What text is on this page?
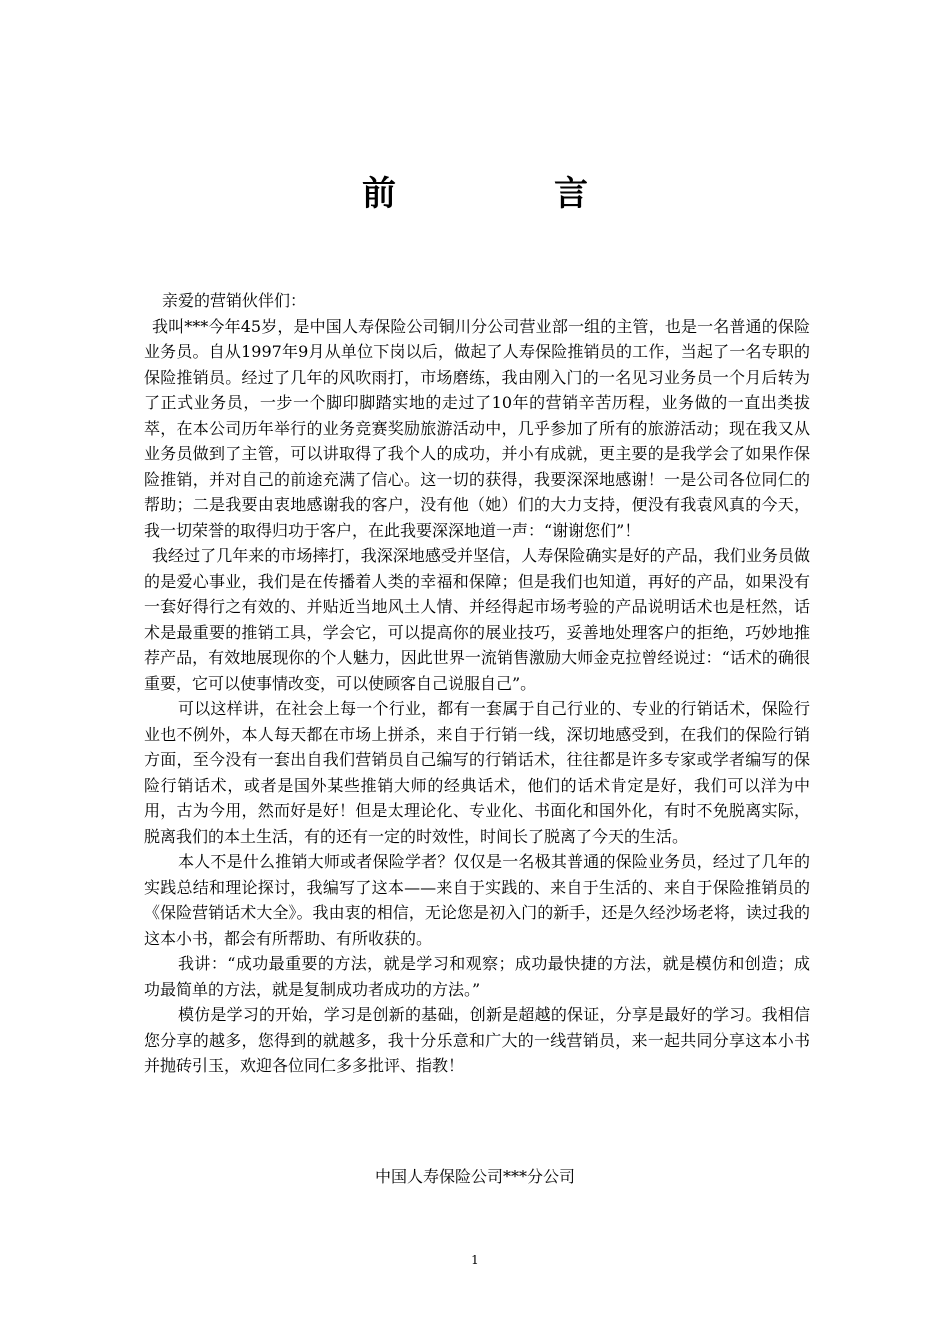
前　言

亲爱的营销伙伴们：

我叫***今年45岁，是中国人寿保险公司铜川分公司营业部一组的主管，也是一名普通的保险业务员。自从1997年9月从单位下岗以后，做起了人寿保险推销员的工作，当起了一名专职的保险推销员。经过了几年的风吹雨打，市场磨练，我由刚入门的一名见习业务员一个月后转为了正式业务员，一步一个脚印脚踏实地的走过了10年的营销辛苦历程，业务做的一直出类拔萃，在本公司历年举行的业务竞赛奖励旅游活动中，几乎参加了所有的旅游活动；现在我又从业务员做到了主管，可以讲取得了我个人的成功，并小有成就，更主要的是我学会了如果作保险推销，并对自己的前途充满了信心。这一切的获得，我要深深地感谢！一是公司各位同仁的帮助；二是我要由衷地感谢我的客户，没有他（她）们的大力支持，便没有我袁风真的今天，我一切荣誉的取得归功于客户，在此我要深深地道一声：“谢谢您们”！

我经过了几年来的市场摔打，我深深地感受并坚信，人寿保险确实是好的产品，我们业务员做的是爱心事业，我们是在传播着人类的幸福和保障；但是我们也知道，再好的产品，如果没有一套好得行之有效的、并贴近当地风土人情、并经得起市场考验的产品说明话术也是枉然，话术是最重要的推销工具，学会它，可以提高你的展业技巧，妥善地处理客户的拒绝，巧妙地推荐产品，有效地展现你的个人魅力，因此世界一流销售激励大师金克拉曾经说过：“话术的确很重要，它可以使事情改变，可以使顾客自己说服自己”。

可以这样讲，在社会上每一个行业，都有一套属于自己行业的、专业的行销话术，保险行业也不例外，本人每天都在市场上拼杀，来自于行销一线，深切地感受到，在我们的保险行销方面，至今没有一套出自我们营销员自己编写的行销话术，往往都是许多专家或学者编写的保险行销话术，或者是国外某些推销大师的经典话术，他们的话术肯定是好，我们可以洋为中用，古为今用，然而好是好！但是太理论化、专业化、书面化和国外化，有时不免脱离实际，脱离我们的本土生活，有的还有一定的时效性，时间长了脱离了今天的生活。

本人不是什么推销大师或者保险学者？仅仅是一名极其普通的保险业务员，经过了几年的实践总结和理论探讨，我编写了这本——来自于实践的、来自于生活的、来自于保险推销员的《保险营销话术大全》。我由衷的相信，无论您是初入门的新手，还是久经沙场老将，读过我的这本小书，都会有所帮助、有所收获的。

我讲：“成功最重要的方法，就是学习和观察；成功最快捷的方法，就是模仿和创造；成功最简单的方法，就是复制成功者成功的方法。”

模仿是学习的开始，学习是创新的基础，创新是超越的保证，分享是最好的学习。我相信您分享的越多，您得到的就越多，我十分乐意和广大的一线营销员，来一起共同分享这本小书并抛砖引玉，欢迎各位同仁多多批评、指教！

中国人寿保险公司***分公司
1
